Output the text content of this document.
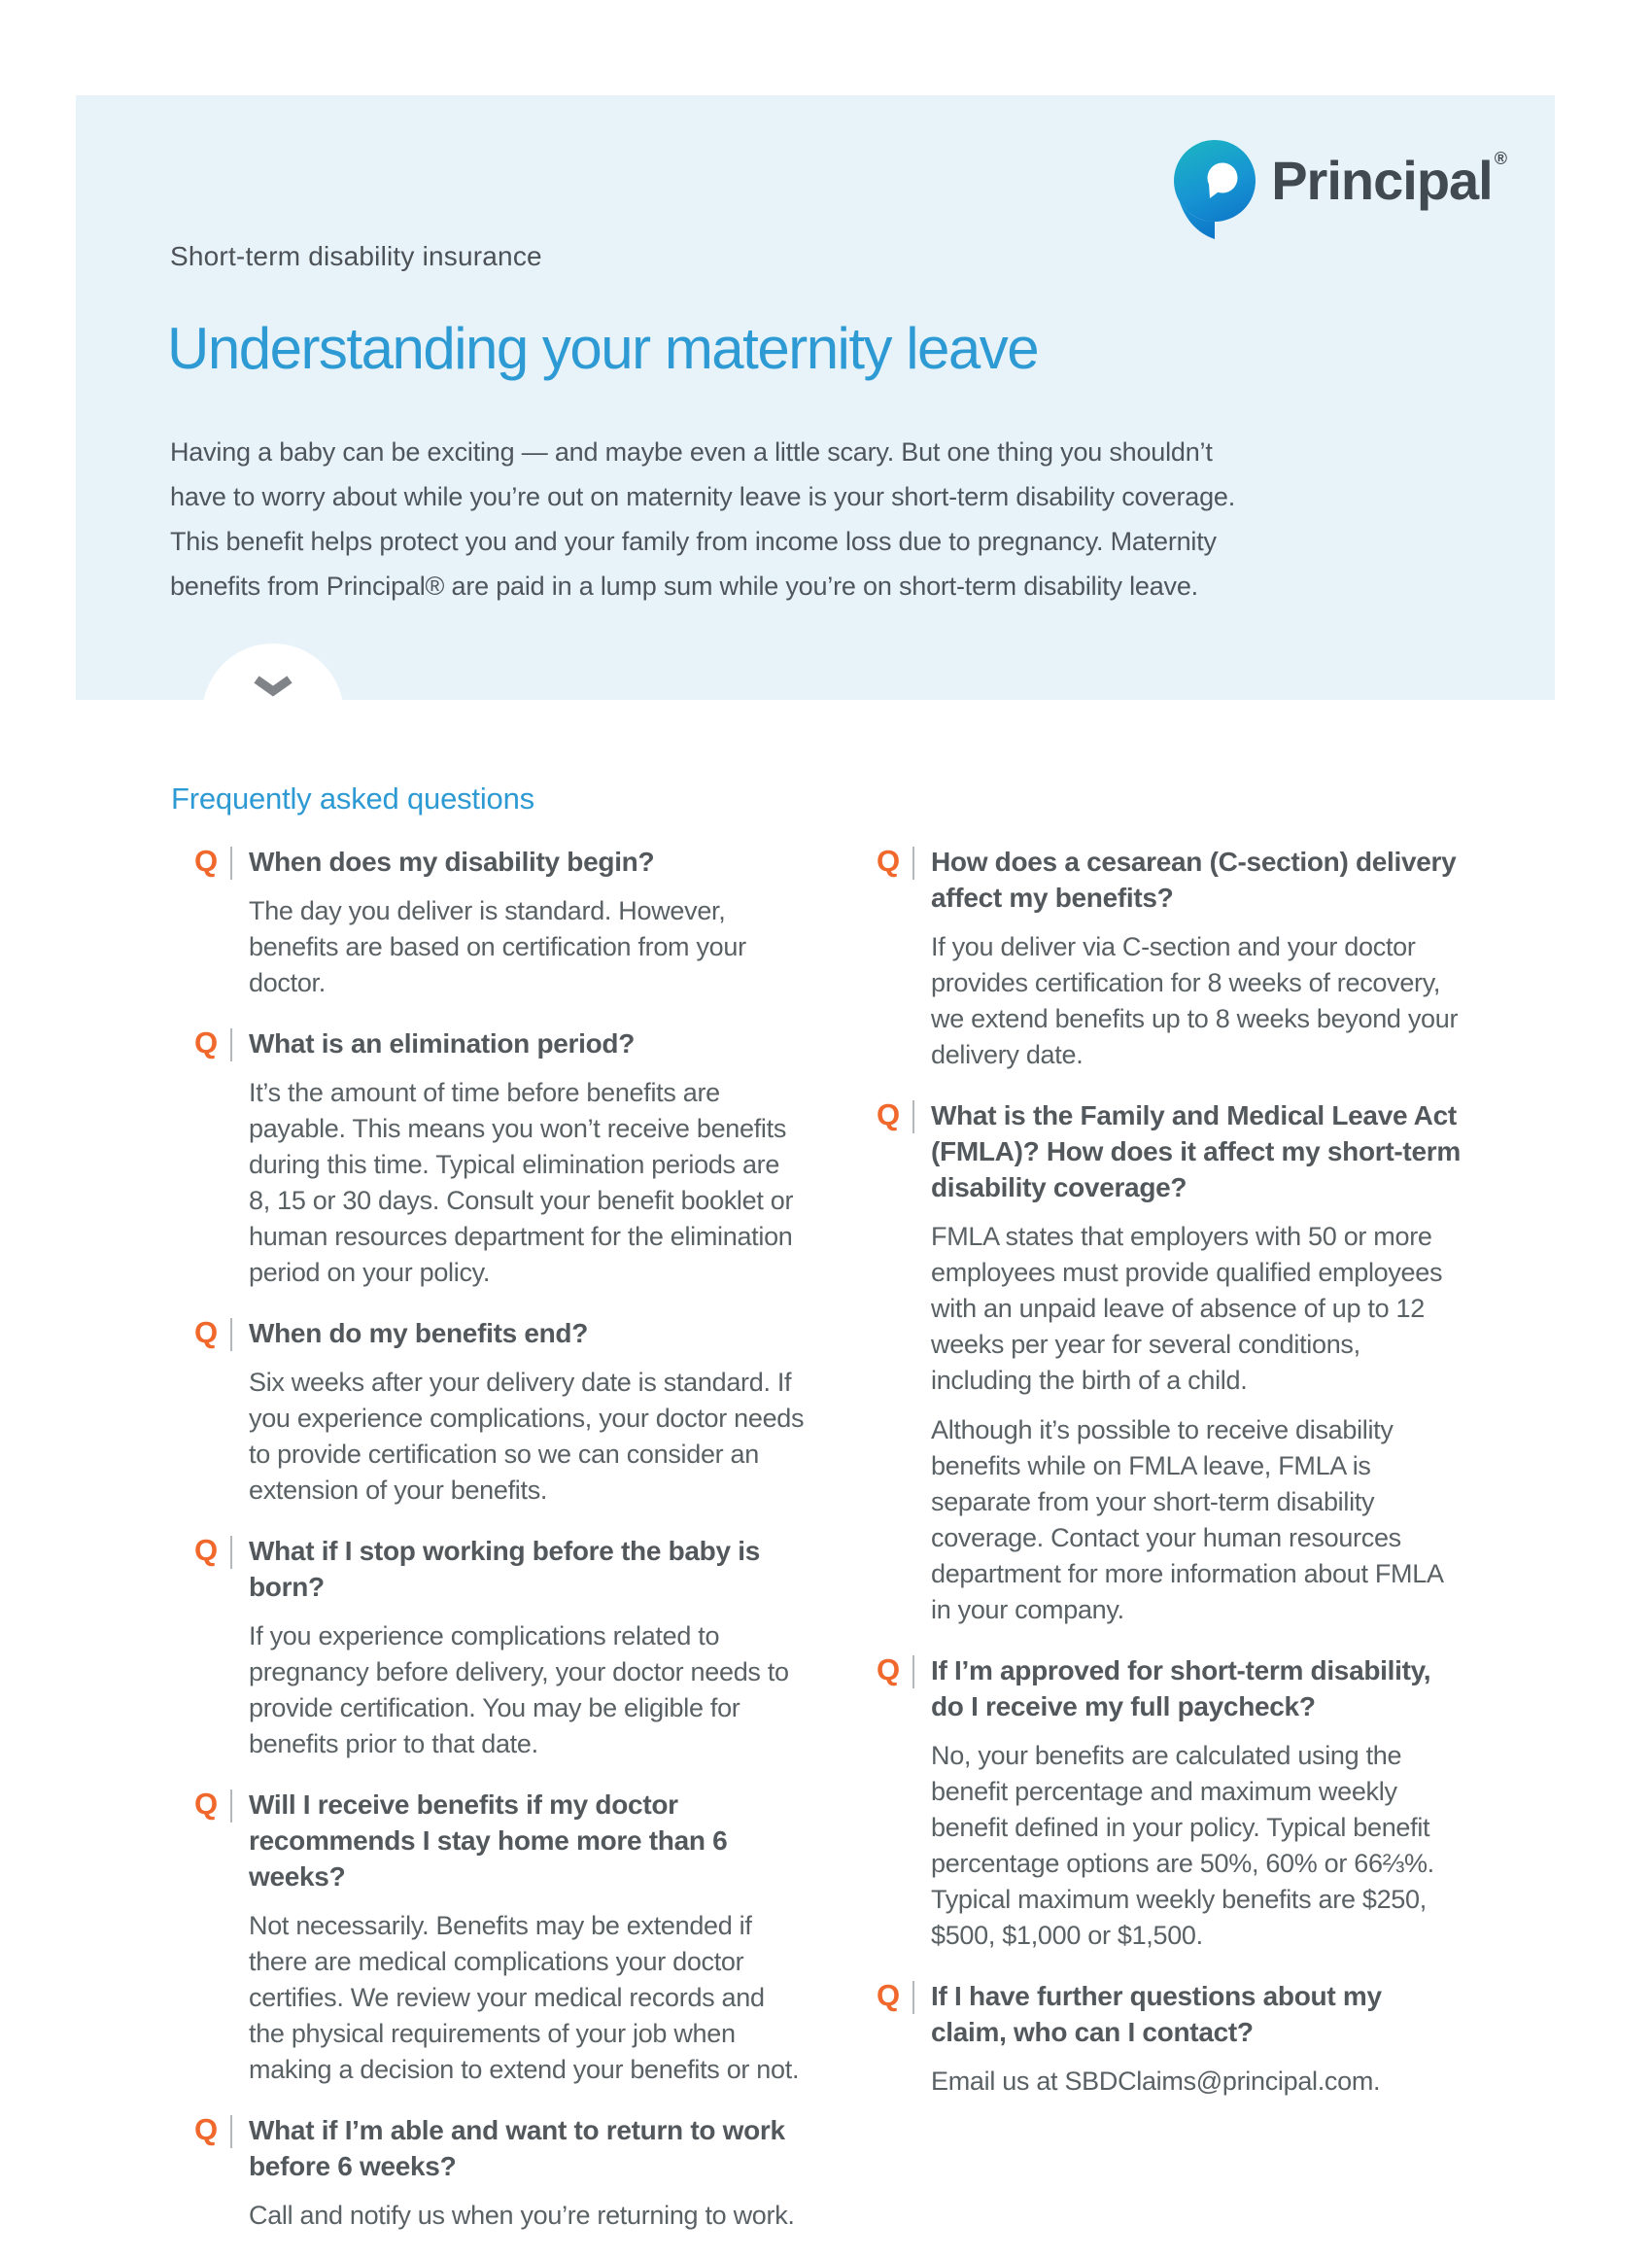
Principal ®
Short-term disability insurance
Understanding your maternity leave
Having a baby can be exciting — and maybe even a little scary. But one thing you shouldn’t
have to worry about while you’re out on maternity leave is your short-term disability coverage.
This benefit helps protect you and your family from income loss due to pregnancy. Maternity
benefits from Principal® are paid in a lump sum while you’re on short-term disability leave.
Frequently asked questions
Q When does my disability begin?

The day you deliver is standard. However, benefits are based on certification from your doctor.

Q What is an elimination period?

It’s the amount of time before benefits are payable. This means you won’t receive benefits during this time. Typical elimination periods are 8, 15 or 30 days. Consult your benefit booklet or human resources department for the elimination period on your policy.

Q When do my benefits end?

Six weeks after your delivery date is standard. If you experience complications, your doctor needs to provide certification so we can consider an extension of your benefits.

Q What if I stop working before the baby is born?

If you experience complications related to pregnancy before delivery, your doctor needs to provide certification. You may be eligible for benefits prior to that date.

Q Will I receive benefits if my doctor recommends I stay home more than 6 weeks?

Not necessarily. Benefits may be extended if there are medical complications your doctor certifies. We review your medical records and the physical requirements of your job when making a decision to extend your benefits or not.

Q What if I’m able and want to return to work before 6 weeks?

Call and notify us when you’re returning to work.

Q How does a cesarean (C-section) delivery affect my benefits?

If you deliver via C-section and your doctor provides certification for 8 weeks of recovery, we extend benefits up to 8 weeks beyond your delivery date.

Q What is the Family and Medical Leave Act (FMLA)? How does it affect my short-term disability coverage?

FMLA states that employers with 50 or more employees must provide qualified employees with an unpaid leave of absence of up to 12 weeks per year for several conditions, including the birth of a child.

Although it’s possible to receive disability benefits while on FMLA leave, FMLA is separate from your short-term disability coverage. Contact your human resources department for more information about FMLA in your company.

Q If I’m approved for short-term disability, do I receive my full paycheck?

No, your benefits are calculated using the benefit percentage and maximum weekly benefit defined in your policy. Typical benefit percentage options are 50%, 60% or 66⅔%. Typical maximum weekly benefits are $250, $500, $1,000 or $1,500.

Q If I have further questions about my claim, who can I contact?

Email us at SBDClaims@principal.com.
